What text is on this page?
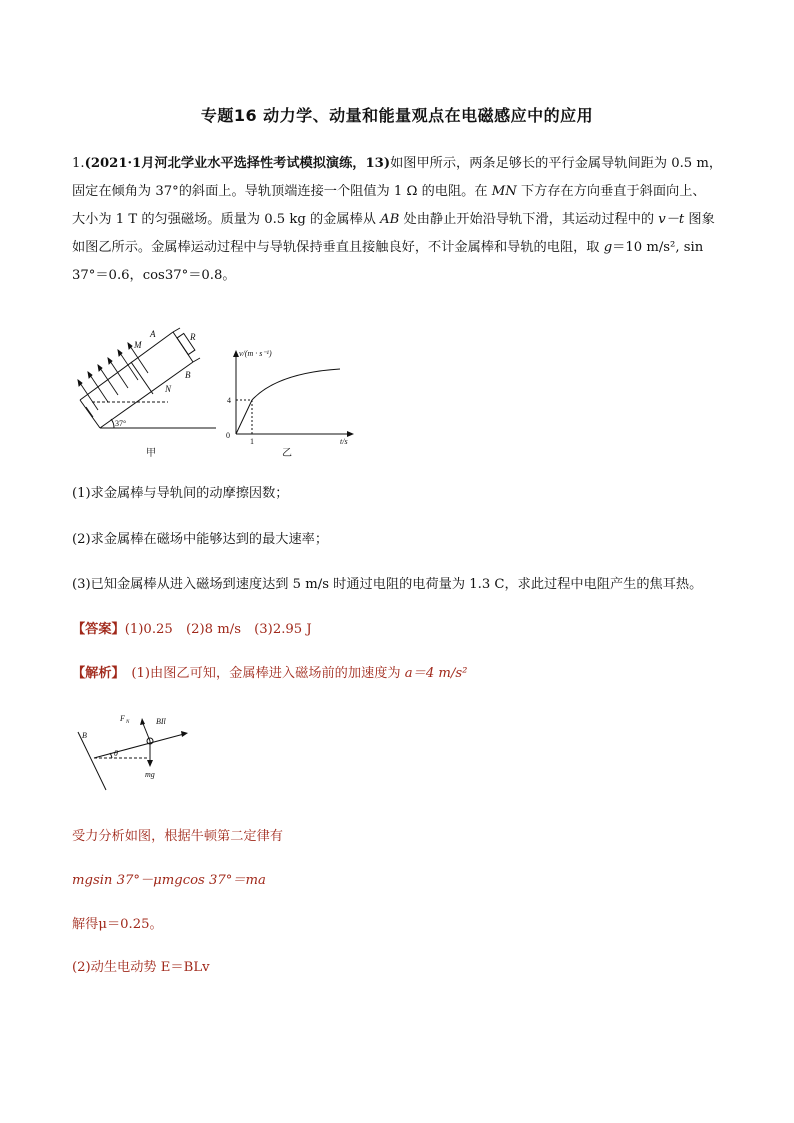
专题16 动力学、动量和能量观点在电磁感应中的应用
1.(2021·1月河北学业水平选择性考试模拟演练，13)如图甲所示，两条足够长的平行金属导轨间距为 0.5 m，
固定在倾角为 37°的斜面上。导轨顶端连接一个阻值为 1 Ω 的电阻。在 MN 下方存在方向垂直于斜面向上、
大小为 1 T 的匀强磁场。质量为 0.5 kg 的金属棒从 AB 处由静止开始沿导轨下滑，其运动过程中的 v－t 图象
如图乙所示。金属棒运动过程中与导轨保持垂直且接触良好，不计金属棒和导轨的电阻，取 g＝10 m/s², sin
37°＝0.6，cos37°＝0.8。
A	R
M
B
N
37°
甲
v/(m · s⁻¹)
t/s
4
1
0
乙
(1)求金属棒与导轨间的动摩擦因数；
(2)求金属棒在磁场中能够达到的最大速率；
(3)已知金属棒从进入磁场到速度达到 5 m/s 时通过电阻的电荷量为 1.3 C，求此过程中电阻产生的焦耳热。
【答案】(1)0.25　(2)8 m/s　(3)2.95 J
【解析】　(1)由图乙可知，金属棒进入磁场前的加速度为 a＝4 m/s²
F N	BIl
B
θ
mg
受力分析如图，根据牛顿第二定律有
mgsin 37°－μmgcos 37°＝ma
解得μ＝0.25。
(2)动生电动势 E＝BLv
